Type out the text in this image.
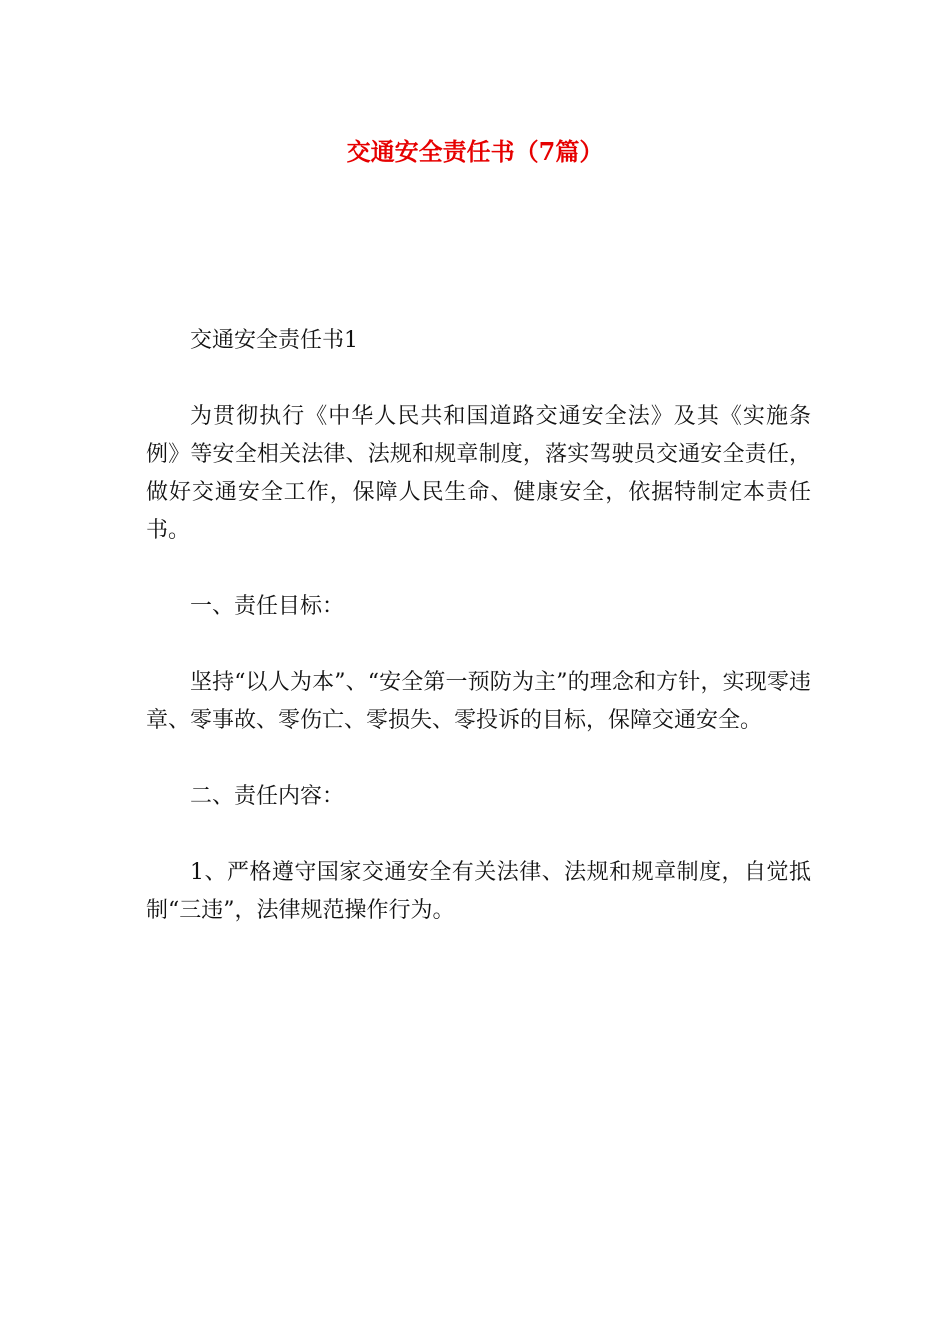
交通安全责任书（7篇）

交通安全责任书1

为贯彻执行《中华人民共和国道路交通安全法》及其《实施条例》等安全相关法律、法规和规章制度，落实驾驶员交通安全责任，做好交通安全工作，保障人民生命、健康安全，依据特制定本责任书。

一、责任目标：

坚持“以人为本”、“安全第一预防为主”的理念和方针，实现零违章、零事故、零伤亡、零损失、零投诉的目标，保障交通安全。

二、责任内容：

1、严格遵守国家交通安全有关法律、法规和规章制度，自觉抵制“三违”，法律规范操作行为。
